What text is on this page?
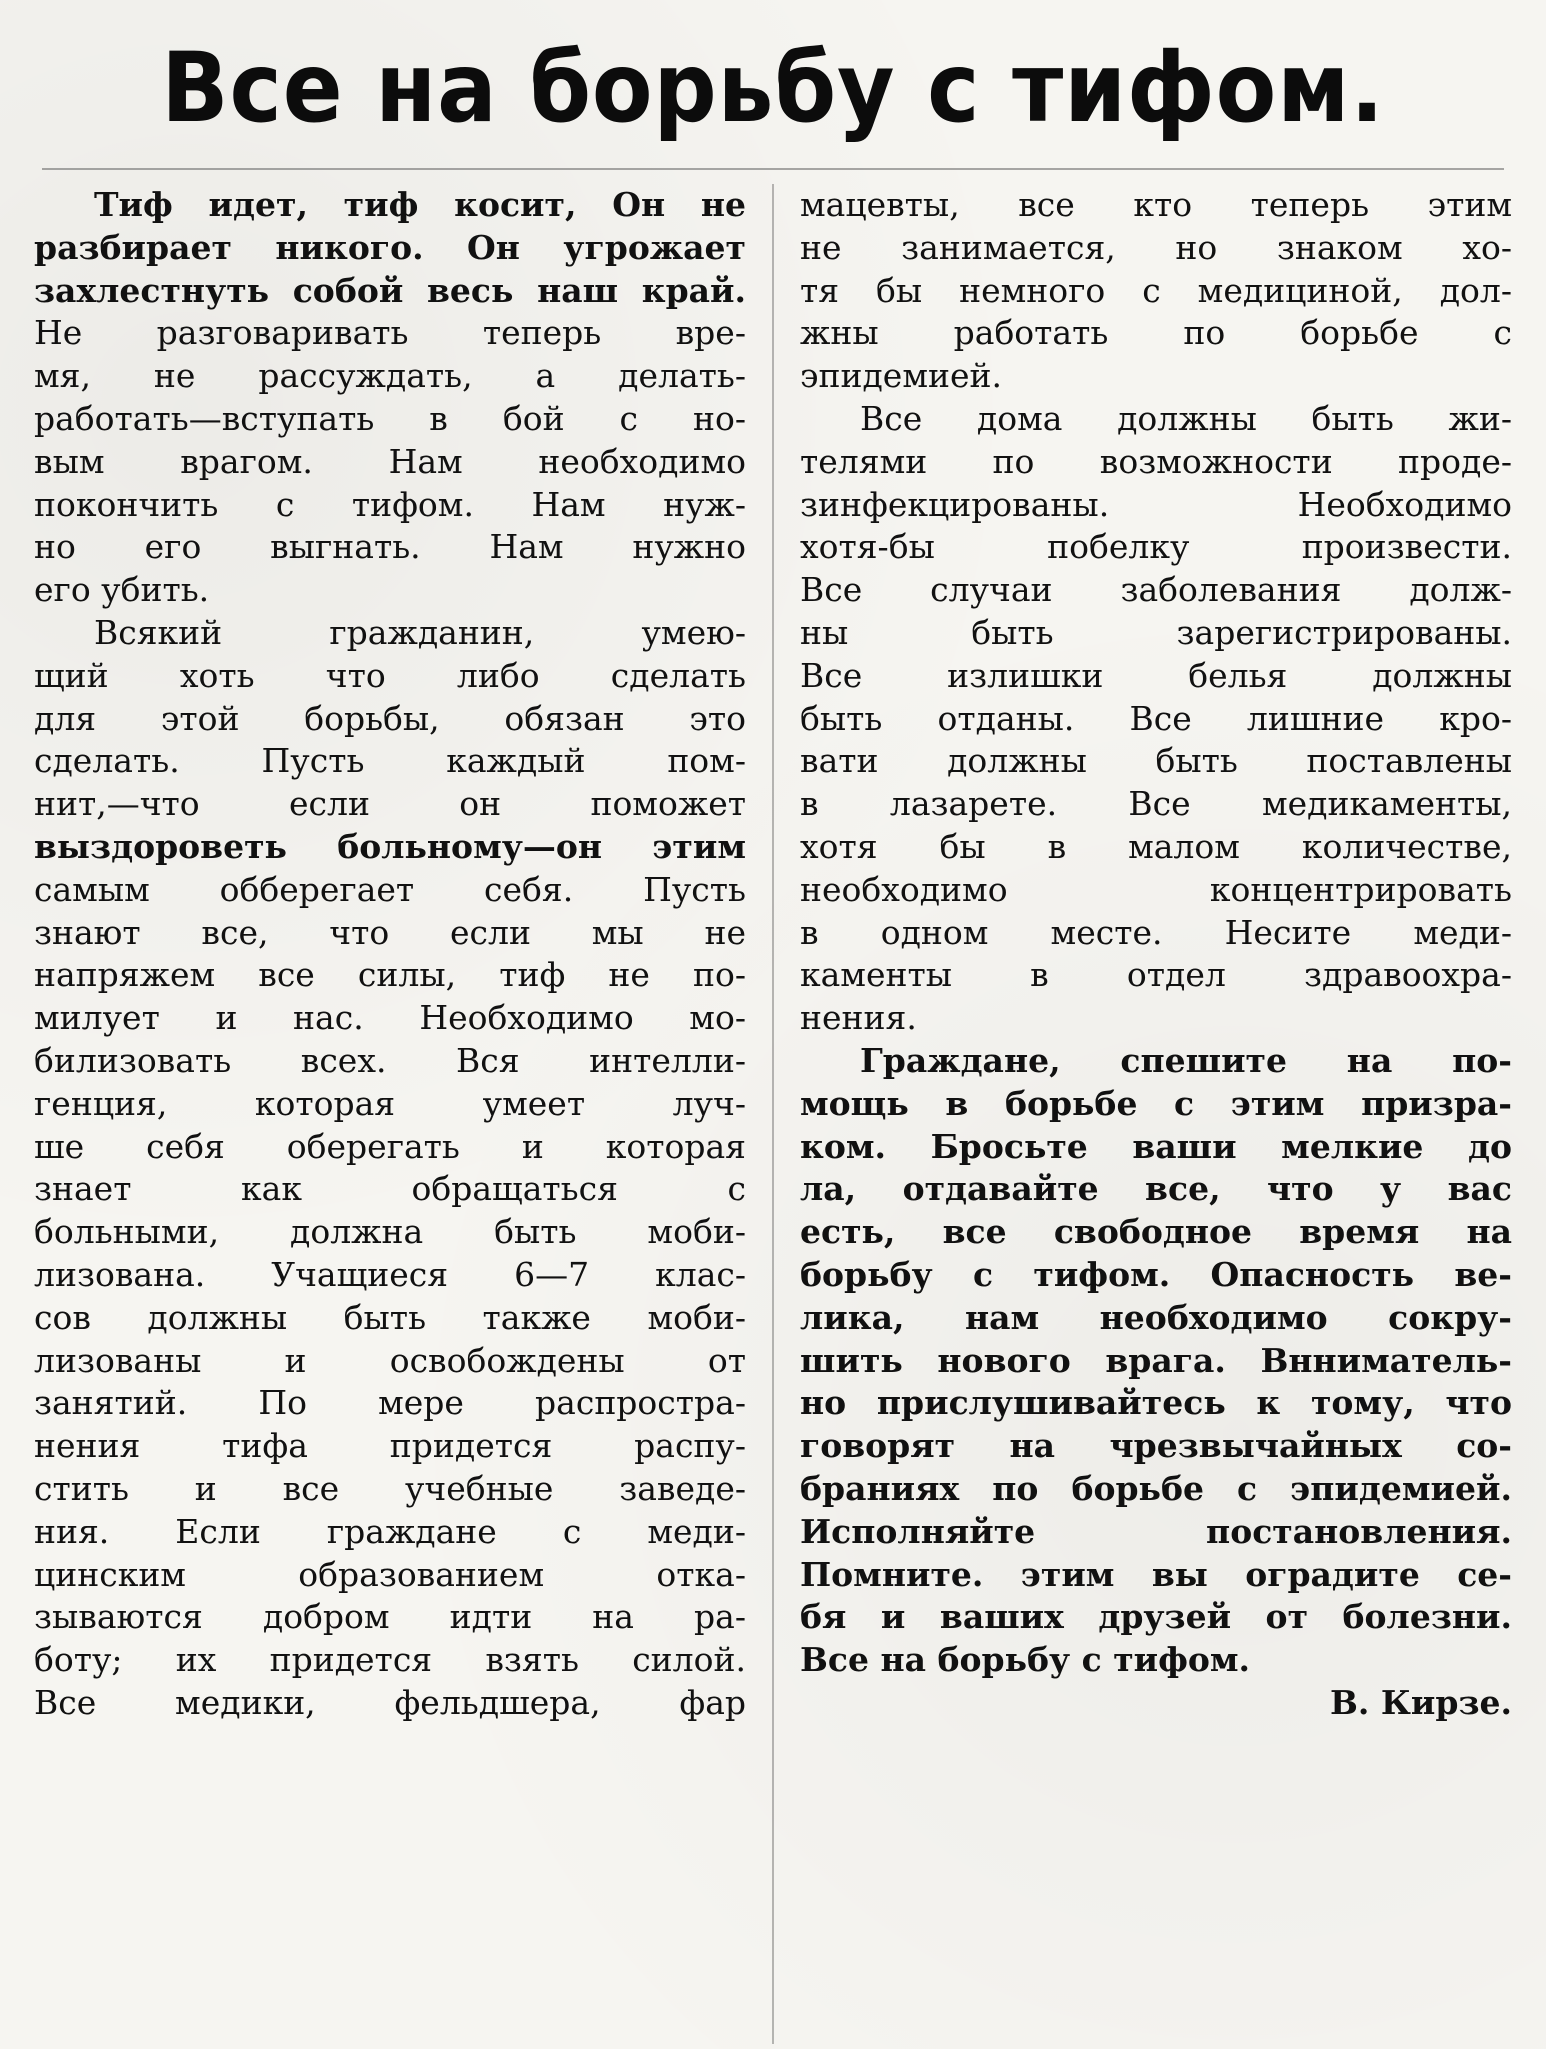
Все на борьбу с тифом.
Тиф идет, тиф косит, Он не
разбирает никого. Он угрожает
захлестнуть собой весь наш край.
Не разговаривать теперь вре-
мя, не рассуждать, а делать-
работать—вступать в бой с но-
вым врагом. Нам необходимо
покончить с тифом. Нам нуж-
но его выгнать. Нам нужно
его убить.
Всякий гражданин, умею-
щий хоть что либо сделать
для этой борьбы, обязан это
сделать. Пусть каждый пом-
нит,—что если он поможет
выздороветь больному—он этим
самым обберегает себя. Пусть
знают все, что если мы не
напряжем все силы, тиф не по-
милует и нас. Необходимо мо-
билизовать всех. Вся интелли-
генция, которая умеет луч-
ше себя оберегать и которая
знает как обращаться с
больными, должна быть моби-
лизована. Учащиеся 6—7 клас-
сов должны быть также моби-
лизованы и освобождены от
занятий. По мере распростра-
нения тифа придется распу-
стить и все учебные заведе-
ния. Если граждане с меди-
цинским образованием отка-
зываются добром идти на ра-
боту; их придется взять силой.
Все медики, фельдшера, фар
мацевты, все кто теперь этим
не занимается, но знаком хо-
тя бы немного с медициной, дол-
жны работать по борьбе с
эпидемией.
Все дома должны быть жи-
телями по возможности проде-
зинфекцированы. Необходимо
хотя-бы побелку произвести.
Все случаи заболевания долж-
ны быть зарегистрированы.
Все излишки белья должны
быть отданы. Все лишние кро-
вати должны быть поставлены
в лазарете. Все медикаменты,
хотя бы в малом количестве,
необходимо концентрировать
в одном месте. Несите меди-
каменты в отдел здравоохра-
нения.
Граждане, спешите на по-
мощь в борьбе с этим призра-
ком. Бросьте ваши мелкие до
ла, отдавайте все, что у вас
есть, все свободное время на
борьбу с тифом. Опасность ве-
лика, нам необходимо сокру-
шить нового врага. Внниматель-
но прислушивайтесь к тому, что
говорят на чрезвычайных со-
браниях по борьбе с эпидемией.
Исполняйте постановления.
Помните. этим вы оградите се-
бя и ваших друзей от болезни.
Все на борьбу с тифом.
В. Кирзе.
